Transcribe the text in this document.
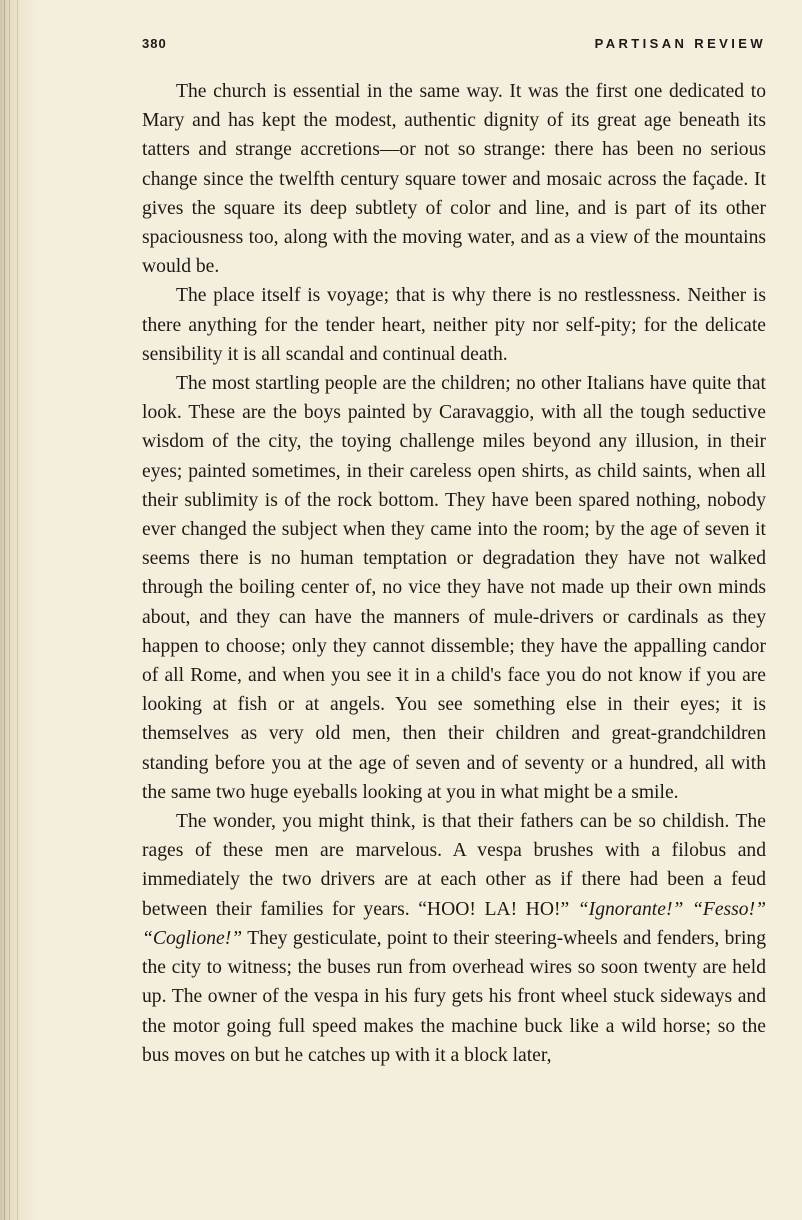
380	PARTISAN REVIEW

The church is essential in the same way. It was the first one dedicated to Mary and has kept the modest, authentic dignity of its great age beneath its tatters and strange accretions—or not so strange: there has been no serious change since the twelfth century square tower and mosaic across the façade. It gives the square its deep subtlety of color and line, and is part of its other spaciousness too, along with the moving water, and as a view of the mountains would be.

The place itself is voyage; that is why there is no restlessness. Neither is there anything for the tender heart, neither pity nor self-pity; for the delicate sensibility it is all scandal and continual death.

The most startling people are the children; no other Italians have quite that look. These are the boys painted by Caravaggio, with all the tough seductive wisdom of the city, the toying challenge miles beyond any illusion, in their eyes; painted sometimes, in their careless open shirts, as child saints, when all their sublimity is of the rock bottom. They have been spared nothing, nobody ever changed the subject when they came into the room; by the age of seven it seems there is no human temptation or degradation they have not walked through the boiling center of, no vice they have not made up their own minds about, and they can have the manners of mule-drivers or cardinals as they happen to choose; only they cannot dissemble; they have the appalling candor of all Rome, and when you see it in a child's face you do not know if you are looking at fish or at angels. You see something else in their eyes; it is themselves as very old men, then their children and great-grandchildren standing before you at the age of seven and of seventy or a hundred, all with the same two huge eyeballs looking at you in what might be a smile.

The wonder, you might think, is that their fathers can be so childish. The rages of these men are marvelous. A vespa brushes with a filobus and immediately the two drivers are at each other as if there had been a feud between their families for years. “HOO! LA! HO!” “Ignorante!” “Fesso!” “Coglione!” They gesticulate, point to their steering-wheels and fenders, bring the city to witness; the buses run from overhead wires so soon twenty are held up. The owner of the vespa in his fury gets his front wheel stuck sideways and the motor going full speed makes the machine buck like a wild horse; so the bus moves on but he catches up with it a block later,
